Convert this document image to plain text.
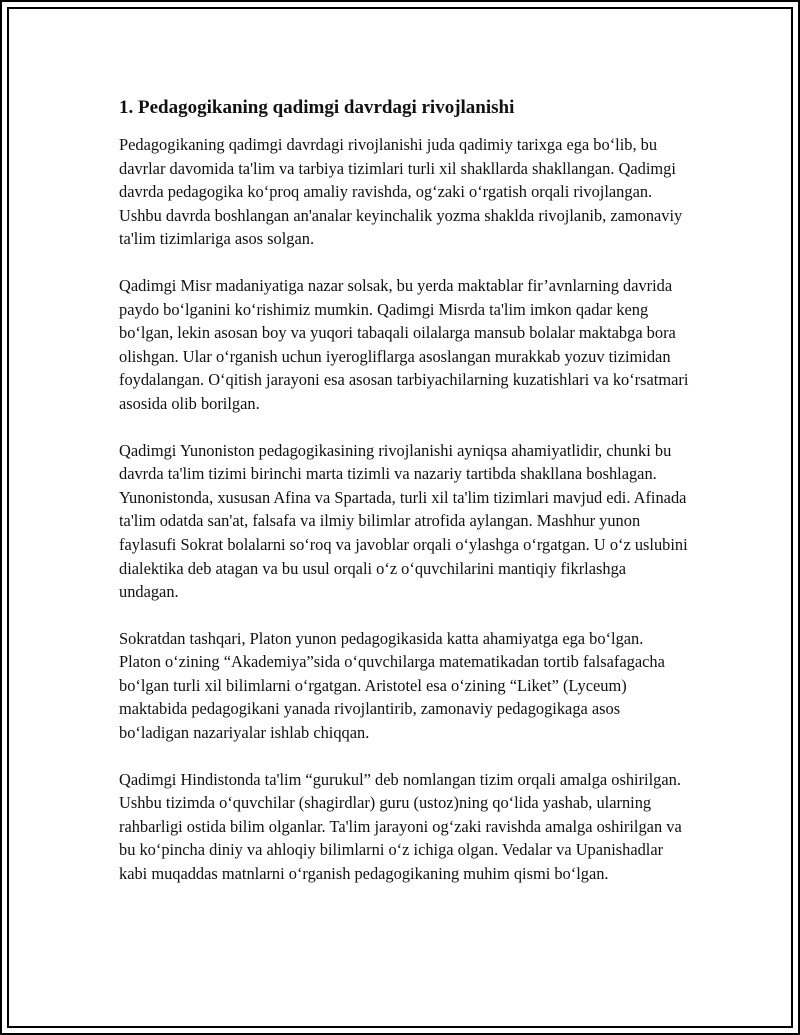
1. Pedagogikaning qadimgi davrdagi rivojlanishi

Pedagogikaning qadimgi davrdagi rivojlanishi juda qadimiy tarixga ega bo‘lib, bu davrlar davomida ta'lim va tarbiya tizimlari turli xil shakllarda shakllangan. Qadimgi davrda pedagogika ko‘proq amaliy ravishda, og‘zaki o‘rgatish orqali rivojlangan. Ushbu davrda boshlangan an'analar keyinchalik yozma shaklda rivojlanib, zamonaviy ta'lim tizimlariga asos solgan.

Qadimgi Misr madaniyatiga nazar solsak, bu yerda maktablar fir’avnlarning davrida paydo bo‘lganini ko‘rishimiz mumkin. Qadimgi Misrda ta'lim imkon qadar keng bo‘lgan, lekin asosan boy va yuqori tabaqali oilalarga mansub bolalar maktabga bora olishgan. Ular o‘rganish uchun iyerogliflarga asoslangan murakkab yozuv tizimidan foydalangan. O‘qitish jarayoni esa asosan tarbiyachilarning kuzatishlari va ko‘rsatmari asosida olib borilgan.

Qadimgi Yunoniston pedagogikasining rivojlanishi ayniqsa ahamiyatlidir, chunki bu davrda ta'lim tizimi birinchi marta tizimli va nazariy tartibda shakllana boshlagan. Yunonistonda, xususan Afina va Spartada, turli xil ta'lim tizimlari mavjud edi. Afinada ta'lim odatda san'at, falsafa va ilmiy bilimlar atrofida aylangan. Mashhur yunon faylasufi Sokrat bolalarni so‘roq va javoblar orqali o‘ylashga o‘rgatgan. U o‘z uslubini dialektika deb atagan va bu usul orqali o‘z o‘quvchilarini mantiqiy fikrlashga undagan.

Sokratdan tashqari, Platon yunon pedagogikasida katta ahamiyatga ega bo‘lgan. Platon o‘zining “Akademiya”sida o‘quvchilarga matematikadan tortib falsafagacha bo‘lgan turli xil bilimlarni o‘rgatgan. Aristotel esa o‘zining “Liket” (Lyceum) maktabida pedagogikani yanada rivojlantirib, zamonaviy pedagogikaga asos bo‘ladigan nazariyalar ishlab chiqqan.

Qadimgi Hindistonda ta'lim “gurukul” deb nomlangan tizim orqali amalga oshirilgan. Ushbu tizimda o‘quvchilar (shagirdlar) guru (ustoz)ning qo‘lida yashab, ularning rahbarligi ostida bilim olganlar. Ta'lim jarayoni og‘zaki ravishda amalga oshirilgan va bu ko‘pincha diniy va ahloqiy bilimlarni o‘z ichiga olgan. Vedalar va Upanishadlar kabi muqaddas matnlarni o‘rganish pedagogikaning muhim qismi bo‘lgan.
